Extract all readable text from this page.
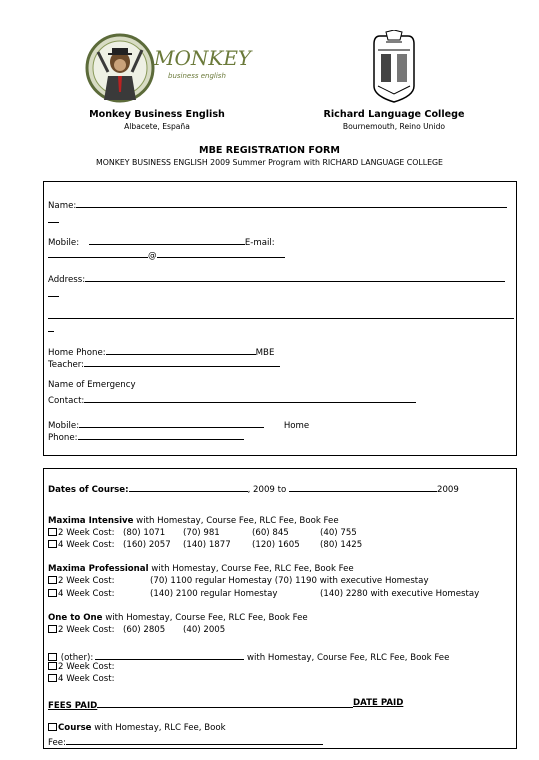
MONKEY
business english
Monkey Business English
Albacete, España
Richard Language College
Bournemouth, Reino Unido
MBE REGISTRATION FORM
MONKEY BUSINESS ENGLISH 2009 Summer Program with RICHARD LANGUAGE COLLEGE
Name:
Mobile:	E-mail:
@
Address:
Home Phone:	MBE
Teacher:
Name of Emergency
Contact:
Mobile:	Home
Phone:
Dates of Course:	, 2009 to	2009
Maxima Intensive with Homestay, Course Fee, RLC Fee, Book Fee
2 Week Cost: (80) 1071 (70) 981	(60) 845	(40) 755
4 Week Cost: (160) 2057 (140) 1877 (120) 1605 (80) 1425
Maxima Professional with Homestay, Course Fee, RLC Fee, Book Fee
2 Week Cost:	(70) 1100 regular Homestay (70) 1190 with executive Homestay
4 Week Cost:	(140) 2100 regular Homestay	(140) 2280 with executive Homestay
One to One with Homestay, Course Fee, RLC Fee, Book Fee
2 Week Cost: (60) 2805 (40) 2005
(other):	with Homestay, Course Fee, RLC Fee, Book Fee
2 Week Cost:
4 Week Cost:
FEES PAID	DATE PAID
Course with Homestay, RLC Fee, Book
Fee:
